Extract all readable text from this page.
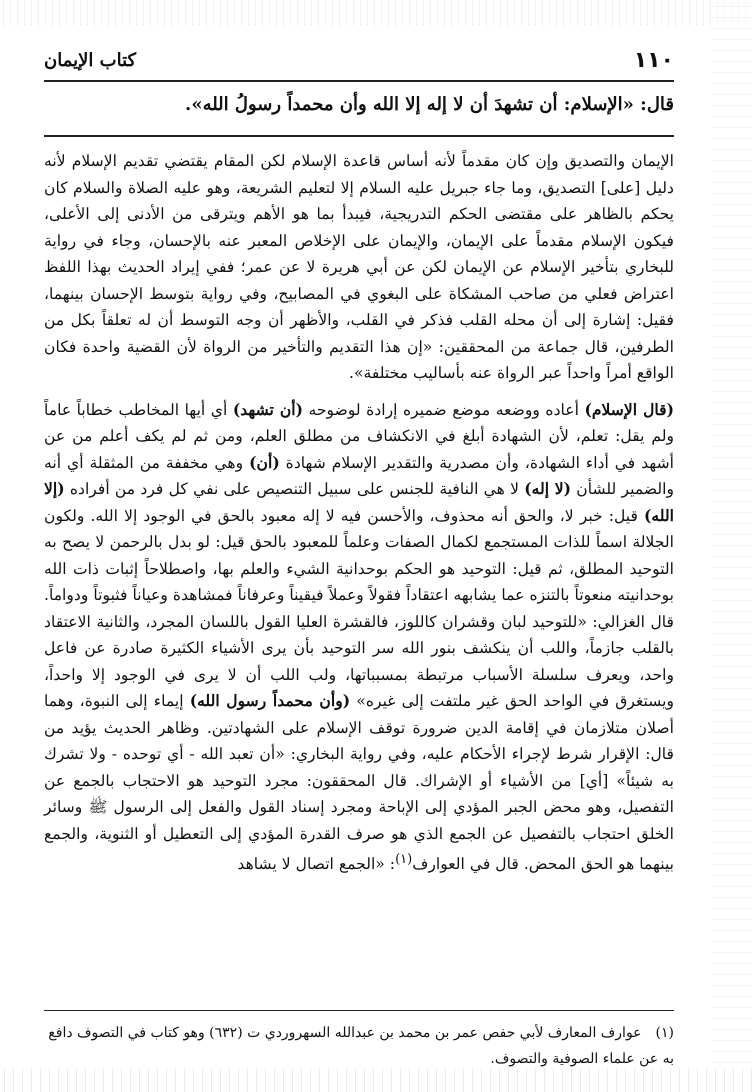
١١٠
كتاب الإيمان
قال: «الإسلام: أن تشهدَ أن لا إله إلا الله وأن محمداً رسولُ الله».

الإيمان والتصديق وإن كان مقدماً لأنه أساس قاعدة الإسلام لكن المقام يقتضي تقديم الإسلام لأنه دليل [على] التصديق، وما جاء جبريل عليه السلام إلا لتعليم الشريعة، وهو عليه الصلاة والسلام كان يحكم بالظاهر على مقتضى الحكم التدريجية، فيبدأ بما هو الأهم ويترقى من الأدنى إلى الأعلى، فيكون الإسلام مقدماً على الإيمان، والإيمان على الإخلاص المعبر عنه بالإحسان، وجاء في رواية للبخاري بتأخير الإسلام عن الإيمان لكن عن أبي هريرة لا عن عمر؛ ففي إيراد الحديث بهذا اللفظ اعتراض فعلي من صاحب المشكاة على البغوي في المصابيح، وفي رواية بتوسط الإحسان بينهما، فقيل: إشارة إلى أن محله القلب فذكر في القلب، والأظهر أن وجه التوسط أن له تعلقاً بكل من الطرفين، قال جماعة من المحققين: «إن هذا التقديم والتأخير من الرواة لأن القضية واحدة فكان الواقع أمراً واحداً عبر الرواة عنه بأساليب مختلفة».

(قال الإسلام) أعاده ووضعه موضع ضميره إرادة لوضوحه (أن تشهد) أي أيها المخاطب خطاباً عاماً ولم يقل: تعلم، لأن الشهادة أبلغ في الانكشاف من مطلق العلم، ومن ثم لم يكف أعلم من عن أشهد في أداء الشهادة، وأن مصدرية والتقدير الإسلام شهادة (أن) وهي مخففة من المثقلة أي أنه والضمير للشأن (لا إله) لا هي النافية للجنس على سبيل التنصيص على نفي كل فرد من أفراده (إلا الله) قيل: خبر لا، والحق أنه محذوف، والأحسن فيه لا إله معبود بالحق في الوجود إلا الله. ولكون الجلالة اسماً للذات المستجمع لكمال الصفات وعلماً للمعبود بالحق قيل: لو بدل بالرحمن لا يصح به التوحيد المطلق، ثم قيل: التوحيد هو الحكم بوحدانية الشيء والعلم بها، واصطلاحاً إثبات ذات الله بوحدانيته منعوتاً بالتنزه عما يشابهه اعتقاداً فقولاً وعملاً فيقيناً وعرفاناً فمشاهدة وعياناً فثبوتاً ودواماً. قال الغزالي: «للتوحيد لبان وقشران كاللوز، فالقشرة العليا القول باللسان المجرد، والثانية الاعتقاد بالقلب جازماً، واللب أن ينكشف بنور الله سر التوحيد بأن يرى الأشياء الكثيرة صادرة عن فاعل واحد، ويعرف سلسلة الأسباب مرتبطة بمسبباتها، ولب اللب أن لا يرى في الوجود إلا واحداً، ويستغرق في الواحد الحق غير ملتفت إلى غيره» (وأن محمداً رسول الله) إيماء إلى النبوة، وهما أصلان متلازمان في إقامة الدين ضرورة توقف الإسلام على الشهادتين. وظاهر الحديث يؤيد من قال: الإقرار شرط لإجراء الأحكام عليه، وفي رواية البخاري: «أن تعبد الله - أي توحده - ولا تشرك به شيئاً» [أي] من الأشياء أو الإشراك. قال المحققون: مجرد التوحيد هو الاحتجاب بالجمع عن التفصيل، وهو محض الجبر المؤدي إلى الإباحة ومجرد إسناد القول والفعل إلى الرسول ﷺ وسائر الخلق احتجاب بالتفصيل عن الجمع الذي هو صرف القدرة المؤدي إلى التعطيل أو الثنوية، والجمع بينهما هو الحق المحض. قال في العوارف$^{(١)}$: «الجمع اتصال لا يشاهد

(١)عوارف المعارف لأبي حفص عمر بن محمد بن عبدالله السهروردي ت (٦٣٢) وهو كتاب في التصوف دافع به عن علماء الصوفية والتصوف.
